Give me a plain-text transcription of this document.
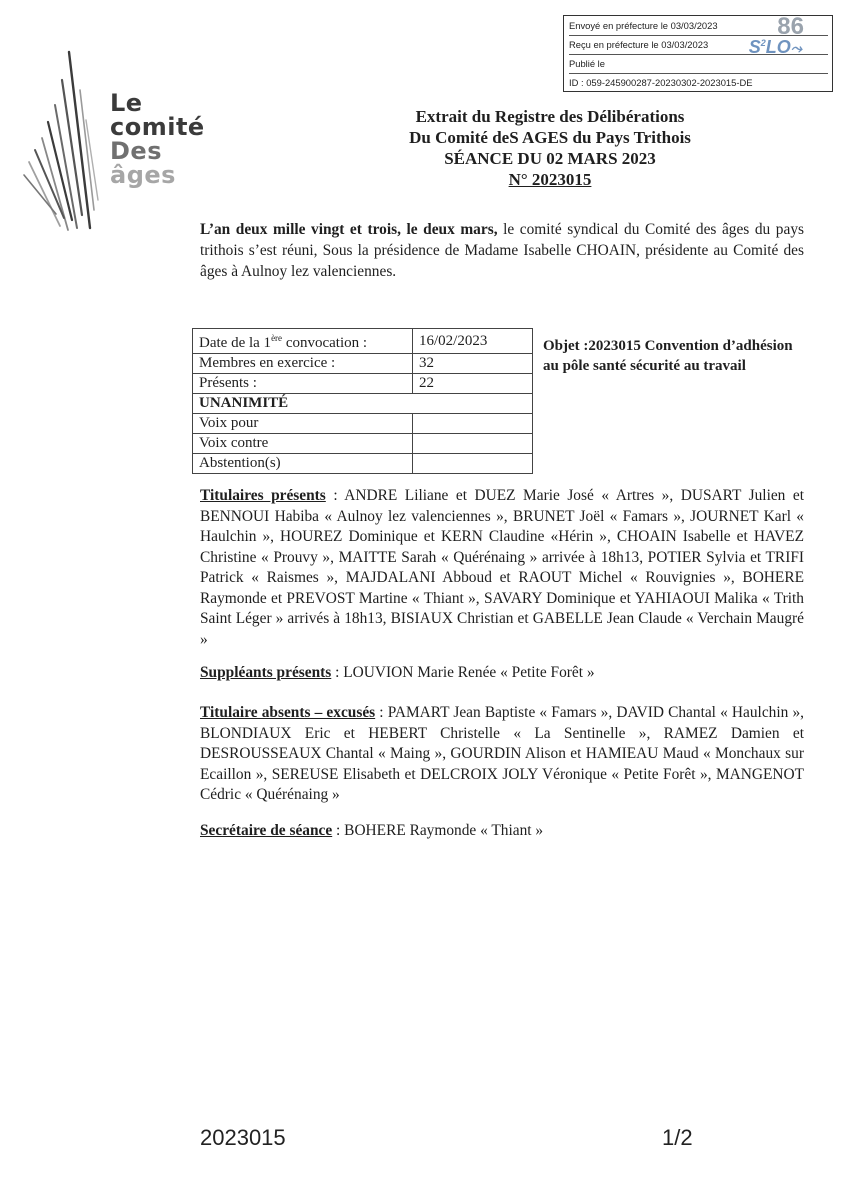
Envoyé en préfecture le 03/03/2023
Reçu en préfecture le 03/03/2023
Publié le
ID : 059-245900287-20230302-2023015-DE
86
$S^2LO⤳$
Le
comité
Des
âges
Extrait du Registre des Délibérations
Du Comité deS AGES du Pays Trithois
SÉANCE DU 02 MARS 2023
N° 2023015
L’an deux mille vingt et trois, le deux mars, le comité syndical du Comité des âges du pays trithois s’est réuni, Sous la présidence de Madame Isabelle CHOAIN, présidente au Comité des âges à Aulnoy lez valenciennes.
Date de la 1ère convocation :	16/02/2023
Membres en exercice :	32
Présents :	22
UNANIMITÉ	
Voix pour	
Voix contre	
Abstention(s)	
Objet :2023015 Convention d’adhésion au pôle santé sécurité au travail
Titulaires présents : ANDRE Liliane et DUEZ Marie José « Artres », DUSART Julien et BENNOUI Habiba « Aulnoy lez valenciennes », BRUNET Joël « Famars », JOURNET Karl « Haulchin », HOUREZ Dominique et KERN Claudine «Hérin », CHOAIN Isabelle et HAVEZ Christine « Prouvy », MAITTE Sarah « Quérénaing » arrivée à 18h13, POTIER Sylvia et TRIFI Patrick « Raismes », MAJDALANI Abboud et RAOUT Michel « Rouvignies », BOHERE Raymonde et PREVOST Martine « Thiant », SAVARY Dominique et YAHIAOUI Malika « Trith Saint Léger » arrivés à 18h13, BISIAUX Christian et GABELLE Jean Claude « Verchain Maugré »
Suppléants présents : LOUVION Marie Renée « Petite Forêt »
Titulaire absents – excusés : PAMART Jean Baptiste « Famars », DAVID Chantal « Haulchin », BLONDIAUX Eric et HEBERT Christelle « La Sentinelle », RAMEZ Damien et DESROUSSEAUX Chantal « Maing », GOURDIN Alison et HAMIEAU Maud « Monchaux sur Ecaillon », SEREUSE Elisabeth et DELCROIX JOLY Véronique « Petite Forêt », MANGENOT Cédric « Quérénaing »
Secrétaire de séance : BOHERE Raymonde « Thiant »
2023015	1/2
